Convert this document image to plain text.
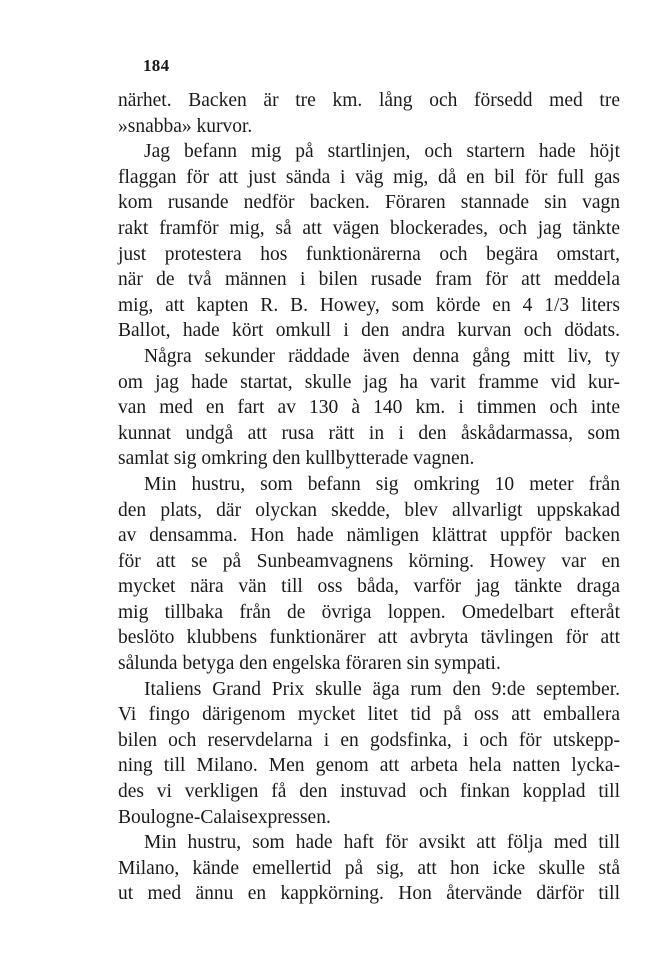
184
närhet. Backen är tre km. lång och försedd med tre
»snabba» kurvor.
Jag befann mig på startlinjen, och startern hade höjt
flaggan för att just sända i väg mig, då en bil för full gas
kom rusande nedför backen. Föraren stannade sin vagn
rakt framför mig, så att vägen blockerades, och jag tänkte
just protestera hos funktionärerna och begära omstart,
när de två männen i bilen rusade fram för att meddela
mig, att kapten R. B. Howey, som körde en 4 1/3 liters
Ballot, hade kört omkull i den andra kurvan och dödats.
Några sekunder räddade även denna gång mitt liv, ty
om jag hade startat, skulle jag ha varit framme vid kur-
van med en fart av 130 à 140 km. i timmen och inte
kunnat undgå att rusa rätt in i den åskådarmassa, som
samlat sig omkring den kullbytterade vagnen.
Min hustru, som befann sig omkring 10 meter från
den plats, där olyckan skedde, blev allvarligt uppskakad
av densamma. Hon hade nämligen klättrat uppför backen
för att se på Sunbeamvagnens körning. Howey var en
mycket nära vän till oss båda, varför jag tänkte draga
mig tillbaka från de övriga loppen. Omedelbart efteråt
beslöto klubbens funktionärer att avbryta tävlingen för att
sålunda betyga den engelska föraren sin sympati.
Italiens Grand Prix skulle äga rum den 9:de september.
Vi fingo därigenom mycket litet tid på oss att emballera
bilen och reservdelarna i en godsfinka, i och för utskepp-
ning till Milano. Men genom att arbeta hela natten lycka-
des vi verkligen få den instuvad och finkan kopplad till
Boulogne-Calaisexpressen.
Min hustru, som hade haft för avsikt att följa med till
Milano, kände emellertid på sig, att hon icke skulle stå
ut med ännu en kappkörning. Hon återvände därför till
